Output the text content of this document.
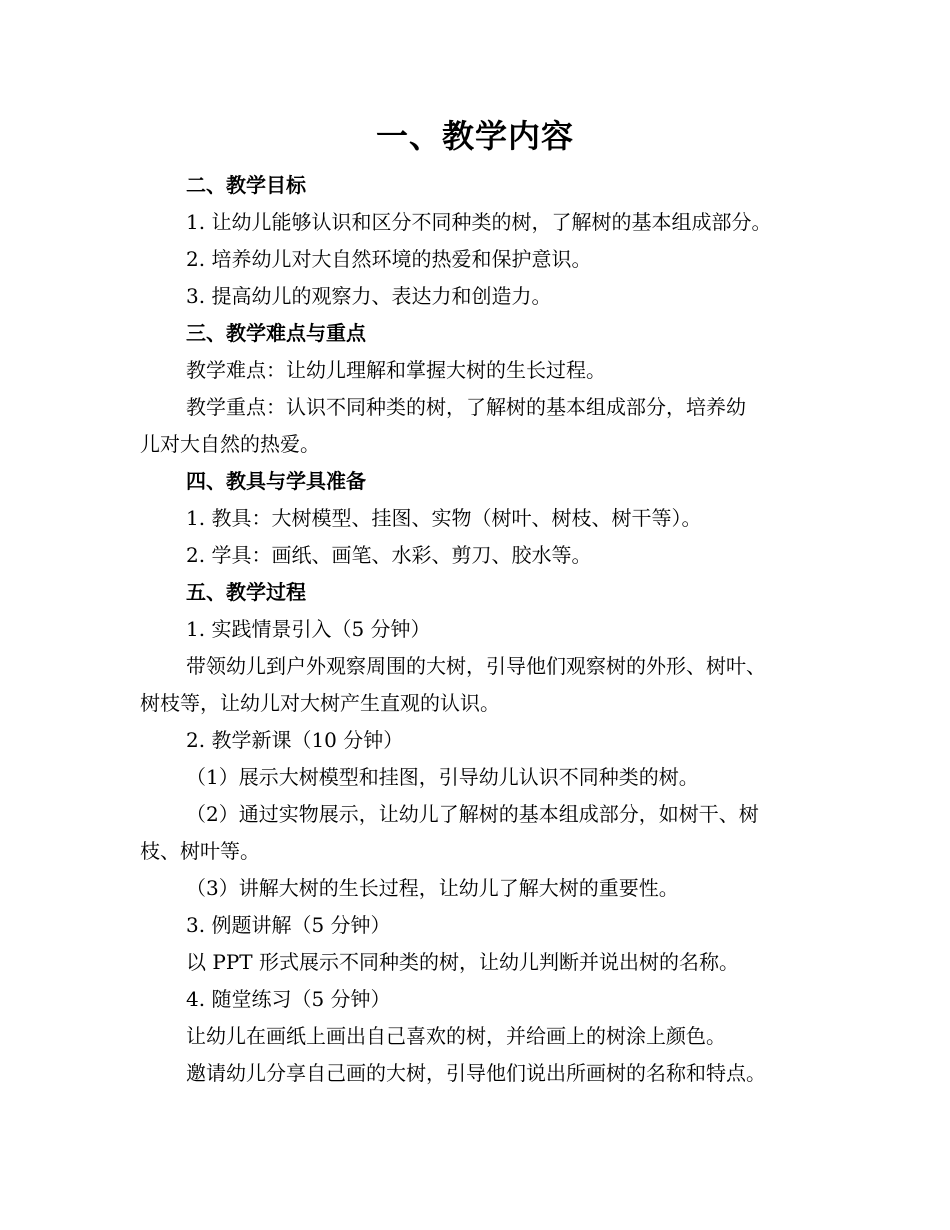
一、教学内容
二、教学目标
1. 让幼儿能够认识和区分不同种类的树，了解树的基本组成部分。
2. 培养幼儿对大自然环境的热爱和保护意识。
3. 提高幼儿的观察力、表达力和创造力。
三、教学难点与重点
教学难点：让幼儿理解和掌握大树的生长过程。
教学重点：认识不同种类的树，了解树的基本组成部分，培养幼
儿对大自然的热爱。
四、教具与学具准备
1. 教具：大树模型、挂图、实物（树叶、树枝、树干等）。
2. 学具：画纸、画笔、水彩、剪刀、胶水等。
五、教学过程
1. 实践情景引入（5 分钟）
带领幼儿到户外观察周围的大树，引导他们观察树的外形、树叶、
树枝等，让幼儿对大树产生直观的认识。
2. 教学新课（10 分钟）
（1）展示大树模型和挂图，引导幼儿认识不同种类的树。
（2）通过实物展示，让幼儿了解树的基本组成部分，如树干、树
枝、树叶等。
（3）讲解大树的生长过程，让幼儿了解大树的重要性。
3. 例题讲解（5 分钟）
以 PPT 形式展示不同种类的树，让幼儿判断并说出树的名称。
4. 随堂练习（5 分钟）
让幼儿在画纸上画出自己喜欢的树，并给画上的树涂上颜色。
邀请幼儿分享自己画的大树，引导他们说出所画树的名称和特点。
